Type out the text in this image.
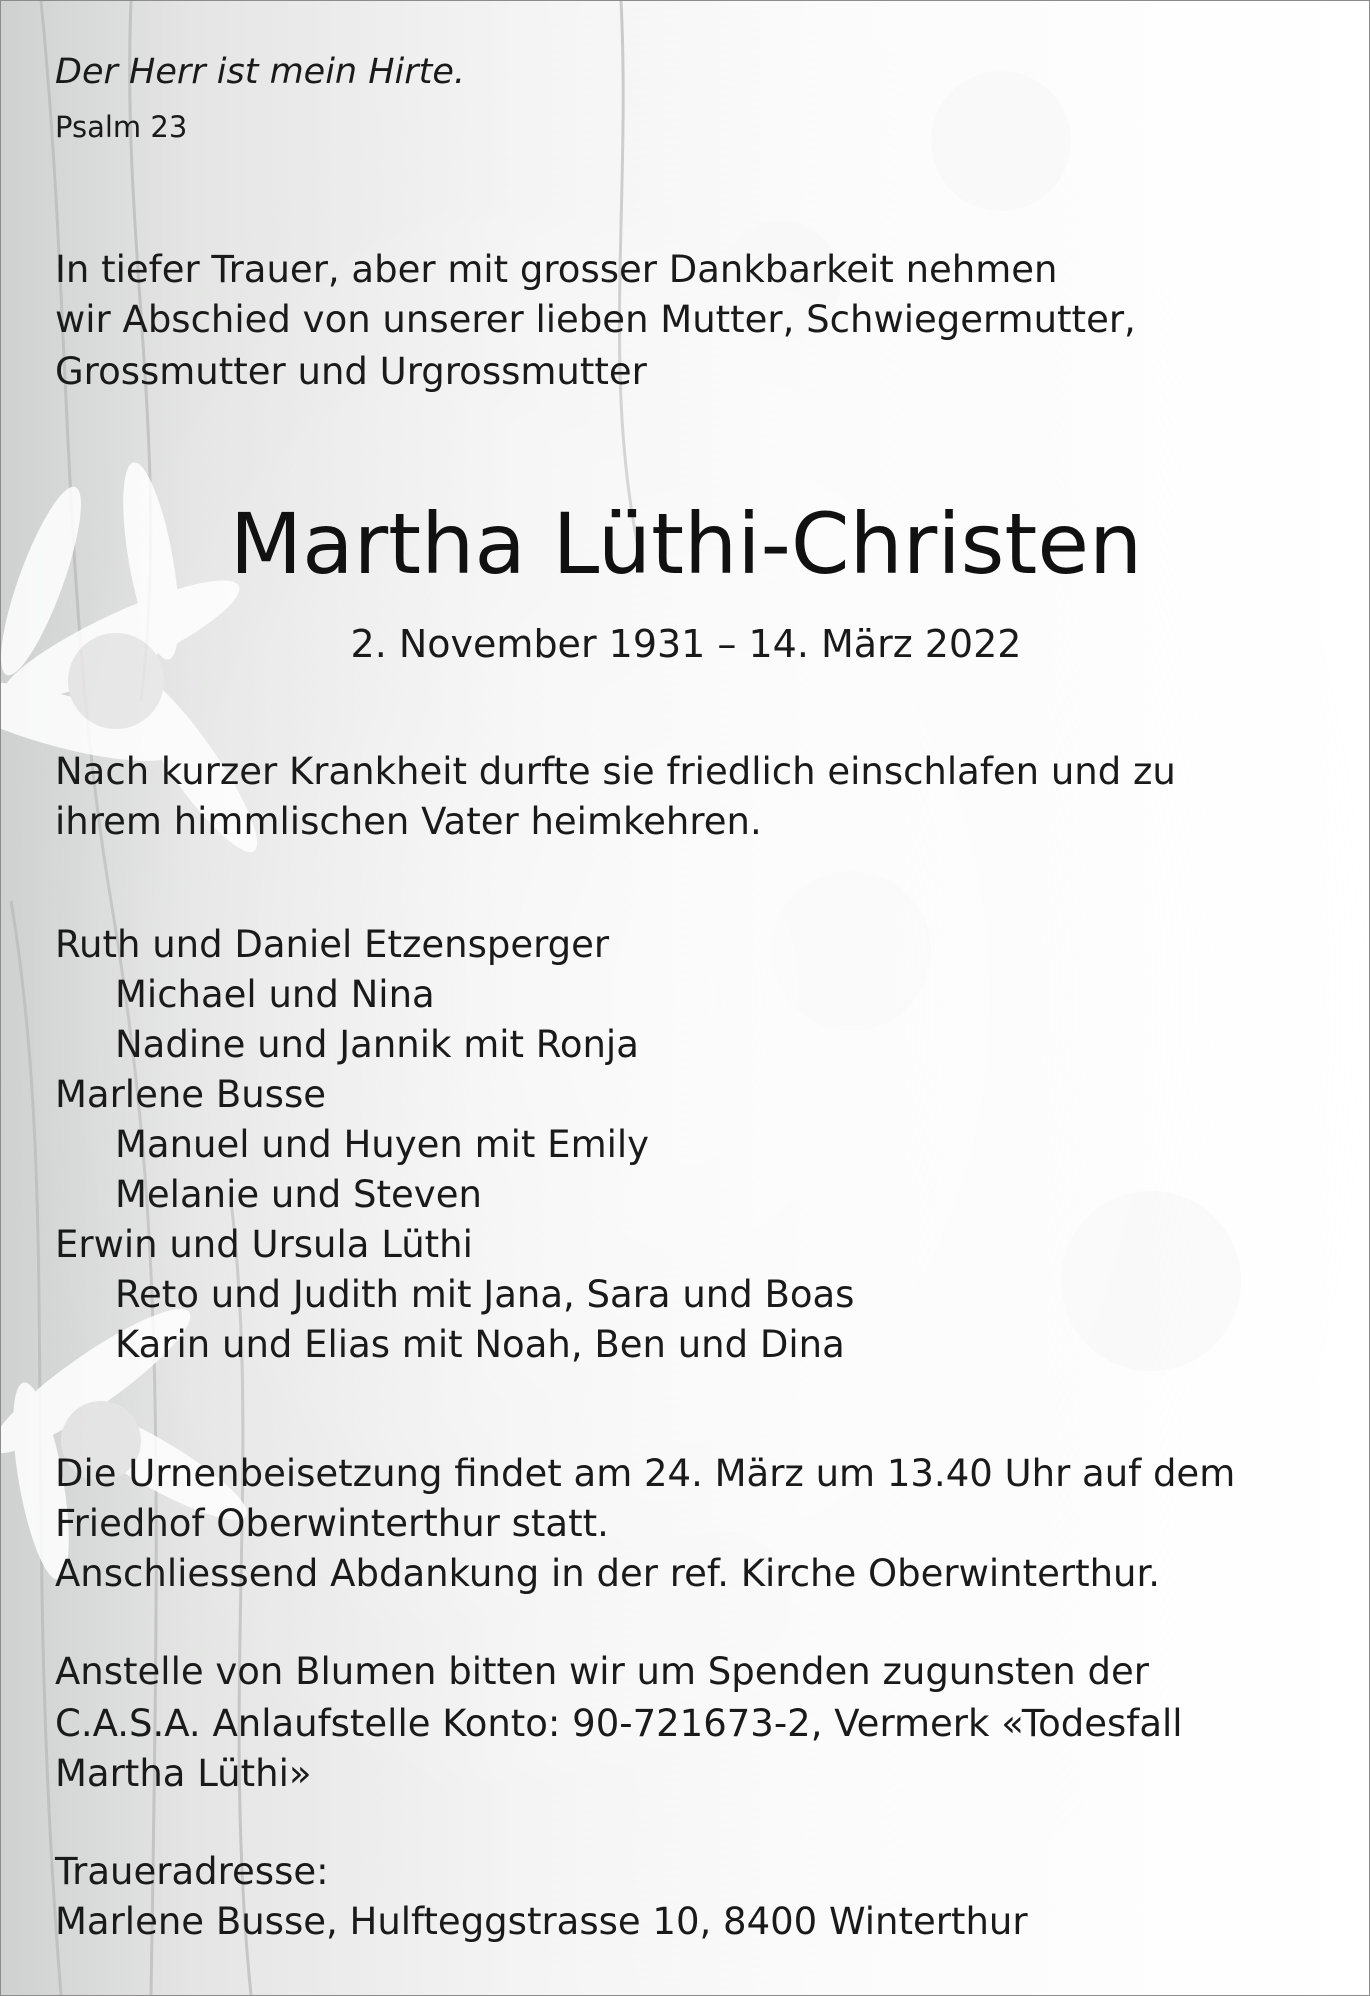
Der Herr ist mein Hirte.

Psalm 23

In tiefer Trauer, aber mit grosser Dankbarkeit nehmen

wir Abschied von unserer lieben Mutter, Schwiegermutter,

Grossmutter und Urgrossmutter

Martha Lüthi-Christen

2. November 1931 – 14. März 2022

Nach kurzer Krankheit durfte sie friedlich einschlafen und zu

ihrem himmlischen Vater heimkehren.

Ruth und Daniel Etzensperger
Michael und Nina
Nadine und Jannik mit Ronja
Marlene Busse
Manuel und Huyen mit Emily
Melanie und Steven
Erwin und Ursula Lüthi
Reto und Judith mit Jana, Sara und Boas
Karin und Elias mit Noah, Ben und Dina

Die Urnenbeisetzung findet am 24. März um 13.40 Uhr auf dem

Friedhof Oberwinterthur statt.

Anschliessend Abdankung in der ref. Kirche Oberwinterthur.

Anstelle von Blumen bitten wir um Spenden zugunsten der

C.A.S.A. Anlaufstelle Konto: 90-721673-2, Vermerk «Todesfall

Martha Lüthi»

Traueradresse:

Marlene Busse, Hulfteggstrasse 10, 8400 Winterthur
